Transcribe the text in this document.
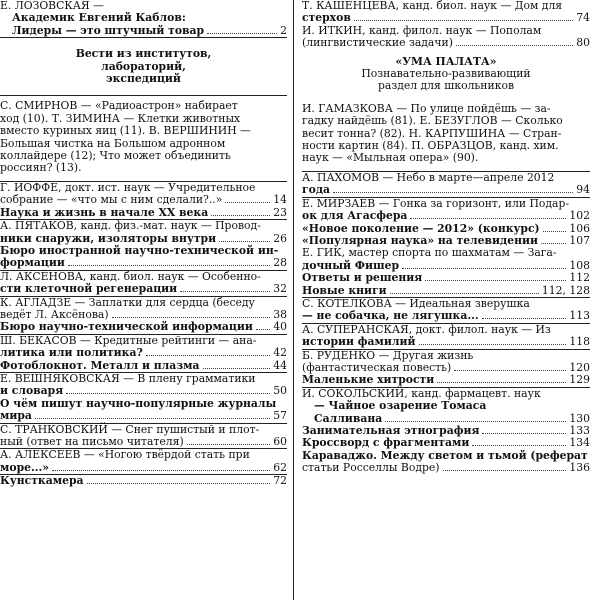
Е. ЛОЗОВСКАЯ —
Академик Евгений Каблов:
Лидеры — это штучный товар	2
Вести из институтов,
лабораторий,
экспедиций
С. СМИРНОВ — «Радиоастрон» набирает
ход (10). Т. ЗИМИНА — Клетки животных
вместо куриных яиц (11). В. ВЕРШИНИН —
Большая чистка на Большом адронном
коллайдере (12); Что может объединить
россиян? (13).
Г. ИОФФЕ, докт. ист. наук — Учредительное
собрание — «что мы с ним сделали?..»	14
Наука и жизнь в начале XX века	23
А. ПЯТАКОВ, канд. физ.-мат. наук — Провод-
ники снаружи, изоляторы внутри	26
Бюро иностранной научно-технической ин-
формации	28
Л. АКСЁНОВА, канд. биол. наук — Особенно-
сти клеточной регенерации	32
К. АГЛАДЗЕ — Заплатки для сердца (беседу
ведёт Л. Аксёнова)	38
Бюро научно-технической информации 40
Ш. БЕКАСОВ — Кредитные рейтинги — ана-
литика или политика?	42
Фотоблокнот. Металл и плазма	44
Е. ВЕШНЯКОВСКАЯ — В плену грамматики
и словаря	50
О чём пишут научно-популярные журналы
мира	57
С. ТРАНКОВСКИЙ — Снег пушистый и плот-
ный (ответ на письмо читателя)	60
А. АЛЕКСЕЕВ — «Ногою твёрдой стать при
море...»	62
Кунсткамера	72
Т. КАШЕНЦЕВА, канд. биол. наук — Дом для
стерхов	74
И. ИТКИН, канд. филол. наук — Пополам
(лингвистические задачи)	80
«УМА ПАЛАТА»
Познавательно-развивающий
раздел для школьников
И. ГАМАЗКОВА — По улице пойдёшь — за-
гадку найдёшь (81). Е. БЕЗУГЛОВ — Сколько
весит тонна? (82). Н. КАРПУШИНА — Стран-
ности картин (84). П. ОБРАЗЦОВ, канд. хим.
наук — «Мыльная опера» (90).
А. ПАХОМОВ — Небо в марте—апреле 2012
года	94
Е. МИРЗАЕВ — Гонка за горизонт, или Подар-
ок для Агасфера	102
«Новое поколение — 2012» (конкурс)	106
«Популярная наука» на телевидении	107
Е. ГИК, мастер спорта по шахматам — Зага-
дочный Фишер	108
Ответы и решения	112
Новые книги	112, 128
С. КОТЕЛКОВА — Идеальная зверушка
— не собачка, не лягушка...	113
А. СУПЕРАНСКАЯ, докт. филол. наук — Из
истории фамилий	118
Б. РУДЕНКО — Другая жизнь
(фантастическая повесть)	120
Маленькие хитрости	129
И. СОКОЛЬСКИЙ, канд. фармацевт. наук
— Чайное озарение Томаса
Салливана	130
Занимательная этнография	133
Кроссворд с фрагментами	134
Караваджо. Между светом и тьмой (реферат
статьи Росселлы Водре)	136
